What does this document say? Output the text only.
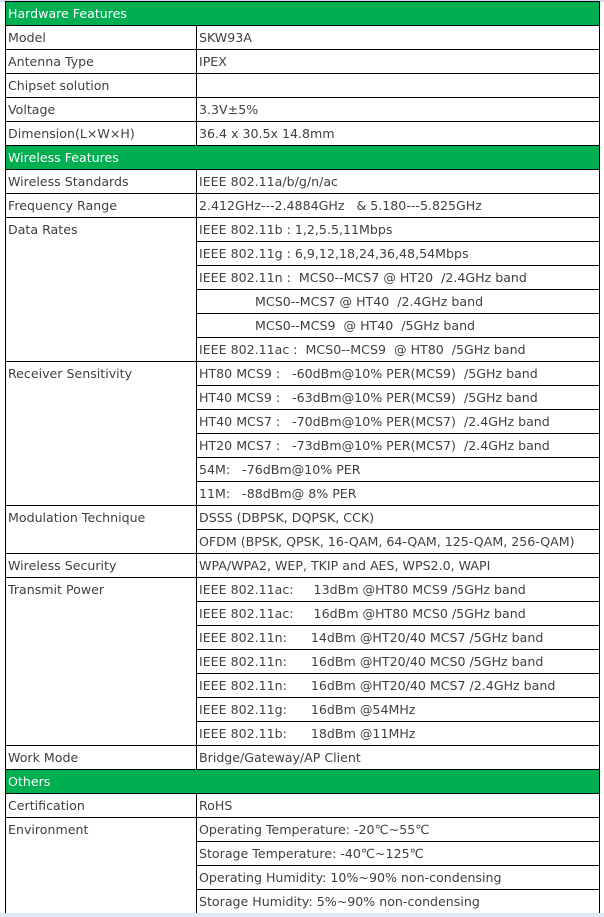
Hardware Features	
Model	SKW93A
Antenna Type	IPEX
Chipset solution	
Voltage	3.3V±5%
Dimension(L×W×H)	36.4 x 30.5x 14.8mm
Wireless Features	
Wireless Standards	IEEE 802.11a/b/g/n/ac
Frequency Range	2.412GHz---2.4884GHz   & 5.180---5.825GHz
Data Rates	IEEE 802.11b : 1,2,5.5,11Mbps
	IEEE 802.11g : 6,9,12,18,24,36,48,54Mbps
	IEEE 802.11n :  MCS0--MCS7 @ HT20  /2.4GHz band
	MCS0--MCS7 @ HT40  /2.4GHz band
	MCS0--MCS9  @ HT40  /5GHz band
	IEEE 802.11ac :  MCS0--MCS9  @ HT80  /5GHz band
Receiver Sensitivity	HT80 MCS9 :   -60dBm@10% PER(MCS9)  /5GHz band
	HT40 MCS9 :   -63dBm@10% PER(MCS9)  /5GHz band
	HT40 MCS7 :   -70dBm@10% PER(MCS7)  /2.4GHz band
	HT20 MCS7 :   -73dBm@10% PER(MCS7)  /2.4GHz band
	54M:   -76dBm@10% PER
	11M:   -88dBm@ 8% PER
Modulation Technique	DSSS (DBPSK, DQPSK, CCK)
	OFDM (BPSK, QPSK, 16-QAM, 64-QAM, 125-QAM, 256-QAM)
Wireless Security	WPA/WPA2, WEP, TKIP and AES, WPS2.0, WAPI
Transmit Power	IEEE 802.11ac:     13dBm @HT80 MCS9 /5GHz band
	IEEE 802.11ac:     16dBm @HT80 MCS0 /5GHz band
	IEEE 802.11n:      14dBm @HT20/40 MCS7 /5GHz band
	IEEE 802.11n:      16dBm @HT20/40 MCS0 /5GHz band
	IEEE 802.11n:      16dBm @HT20/40 MCS7 /2.4GHz band
	IEEE 802.11g:      16dBm @54MHz
	IEEE 802.11b:      18dBm @11MHz
Work Mode	Bridge/Gateway/AP Client
Others	
Certification	RoHS
Environment	Operating Temperature: -20℃~55℃
	Storage Temperature: -40℃~125℃
	Operating Humidity: 10%~90% non-condensing
	Storage Humidity: 5%~90% non-condensing
